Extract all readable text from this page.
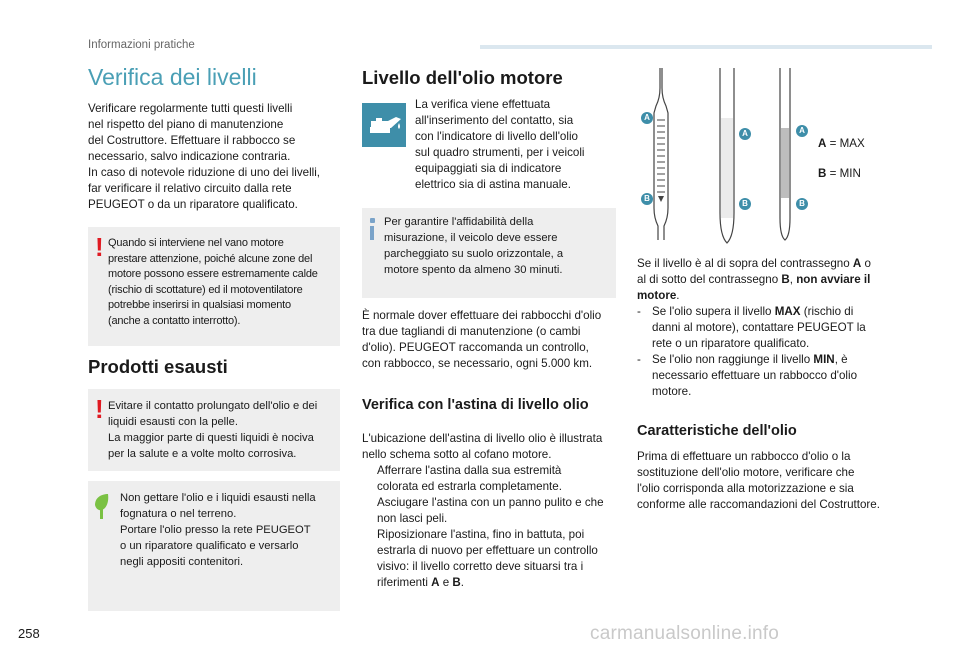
Informazioni pratiche
Verifica dei livelli
Verificare regolarmente tutti questi livelli
nel rispetto del piano di manutenzione
del Costruttore. Effettuare il rabbocco se
necessario, salvo indicazione contraria.
In caso di notevole riduzione di uno dei livelli,
far verificare il relativo circuito dalla rete
PEUGEOT o da un riparatore qualificato.
! Quando si interviene nel vano motore
prestare attenzione, poiché alcune zone del
motore possono essere estremamente calde
(rischio di scottature) ed il motoventilatore
potrebbe inserirsi in qualsiasi momento
(anche a contatto interrotto).
Prodotti esausti
! Evitare il contatto prolungato dell'olio e dei
liquidi esausti con la pelle.
La maggior parte di questi liquidi è nociva
per la salute e a volte molto corrosiva.
Non gettare l'olio e i liquidi esausti nella
fognatura o nel terreno.
Portare l'olio presso la rete PEUGEOT
o un riparatore qualificato e versarlo
negli appositi contenitori.
Livello dell'olio motore
La verifica viene effettuata
all'inserimento del contatto, sia
con l'indicatore di livello dell'olio
sul quadro strumenti, per i veicoli
equipaggiati sia di indicatore
elettrico sia di astina manuale.
Per garantire l'affidabilità della
misurazione, il veicolo deve essere
parcheggiato su suolo orizzontale, a
motore spento da almeno 30 minuti.
È normale dover effettuare dei rabbocchi d'olio
tra due tagliandi di manutenzione (o cambi
d'olio). PEUGEOT raccomanda un controllo,
con rabbocco, se necessario, ogni 5.000 km.
Verifica con l'astina di livello olio
L'ubicazione dell'astina di livello olio è illustrata
nello schema sotto al cofano motore.
Afferrare l'astina dalla sua estremità
colorata ed estrarla completamente.
Asciugare l'astina con un panno pulito e che
non lasci peli.
Riposizionare l'astina, fino in battuta, poi
estrarla di nuovo per effettuare un controllo
visivo: il livello corretto deve situarsi tra i
riferimenti A e B.
A
B
A
B
A
B
A = MAX
B = MIN
Se il livello è al di sopra del contrassegno A o
al di sotto del contrassegno B, non avviare il
motore.
- Se l'olio supera il livello MAX (rischio di
danni al motore), contattare PEUGEOT la
rete o un riparatore qualificato.
- Se l'olio non raggiunge il livello MIN, è
necessario effettuare un rabbocco d'olio
motore.
Caratteristiche dell'olio
Prima di effettuare un rabbocco d'olio o la
sostituzione dell'olio motore, verificare che
l'olio corrisponda alla motorizzazione e sia
conforme alle raccomandazioni del Costruttore.
258	carmanualsonline.info
